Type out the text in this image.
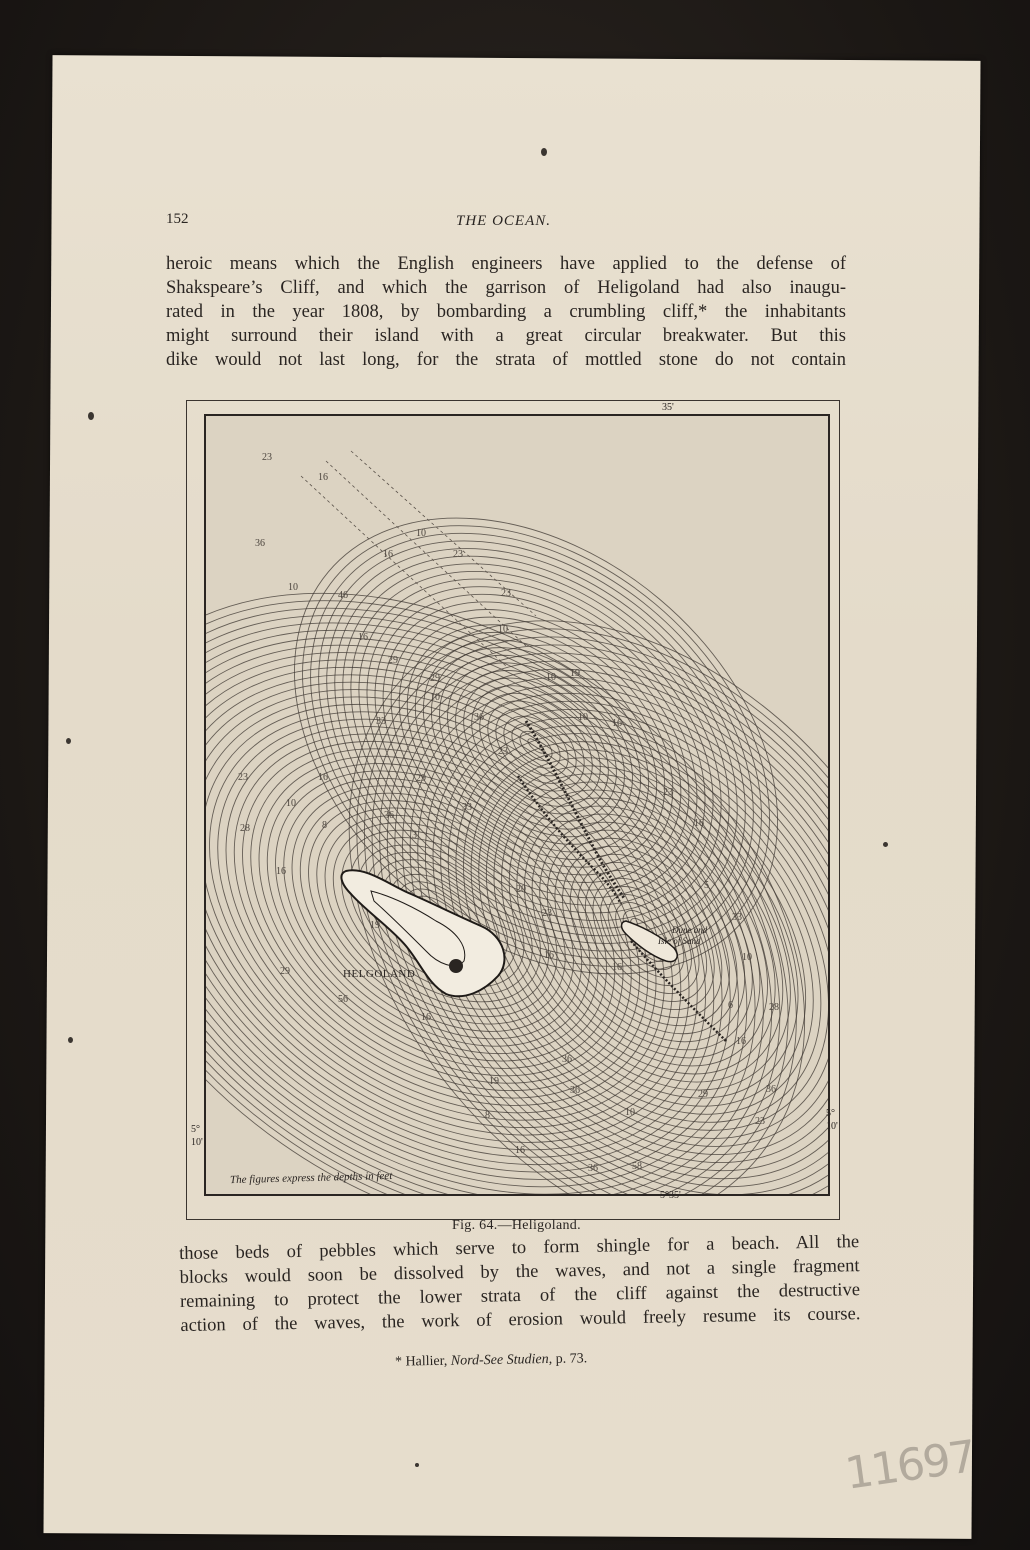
152	THE OCEAN.
heroic means which the English engineers have applied to the defense of
Shakspeare’s Cliff, and which the garrison of Heligoland had also inaugu-
rated in the year 1808, by bombarding a crumbling cliff,* the inhabitants
might surround their island with a great circular breakwater. But this
dike would not last long, for the strata of mottled stone do not contain
35'
5°35'
5°
10'
5°
10'
HELGOLAND
Dune and
Isle of Sand
The figures express the depths in feet
23
36
10
16
46
10
23
23
16
10
29
29
10
16
10
33
19
36	10
16
23
23
28
16
10
29
36
33
23
16
3
8
16
5
19
20
33
23
16	10
29	16
28
56
16
16
36
19
36	36
29
8
16
10
36	58
23
6
Fig. 64.—Heligoland.
those beds of pebbles which serve to form shingle for a beach. All the
blocks would soon be dissolved by the waves, and not a single fragment
remaining to protect the lower strata of the cliff against the destructive
action of the waves, the work of erosion would freely resume its course.
* Hallier, Nord-See Studien, p. 73.
11697
